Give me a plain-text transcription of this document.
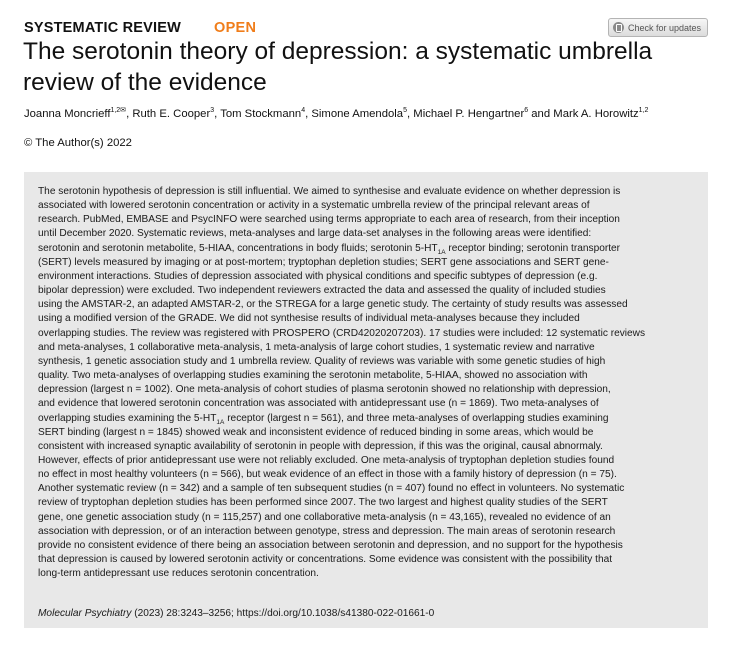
SYSTEMATIC REVIEW OPEN	Check for updates
The serotonin theory of depression: a systematic umbrella review of the evidence
Joanna Moncrieff$^{1,2✉}$, Ruth E. Cooper$^3$, Tom Stockmann$^4$, Simone Amendola$^5$, Michael P. Hengartner$^6$ and Mark A. Horowitz$^{1,2}$
© The Author(s) 2022

The serotonin hypothesis of depression is still influential. We aimed to synthesise and evaluate evidence on whether depression is
associated with lowered serotonin concentration or activity in a systematic umbrella review of the principal relevant areas of
research. PubMed, EMBASE and PsycINFO were searched using terms appropriate to each area of research, from their inception
until December 2020. Systematic reviews, meta-analyses and large data-set analyses in the following areas were identified:
serotonin and serotonin metabolite, 5-HIAA, concentrations in body fluids; serotonin $5-HT_{1A}$ receptor binding; serotonin transporter
(SERT) levels measured by imaging or at post-mortem; tryptophan depletion studies; SERT gene associations and SERT gene-
environment interactions. Studies of depression associated with physical conditions and specific subtypes of depression (e.g.
bipolar depression) were excluded. Two independent reviewers extracted the data and assessed the quality of included studies
using the AMSTAR-2, an adapted AMSTAR-2, or the STREGA for a large genetic study. The certainty of study results was assessed
using a modified version of the GRADE. We did not synthesise results of individual meta-analyses because they included
overlapping studies. The review was registered with PROSPERO (CRD42020207203). 17 studies were included: 12 systematic reviews
and meta-analyses, 1 collaborative meta-analysis, 1 meta-analysis of large cohort studies, 1 systematic review and narrative
synthesis, 1 genetic association study and 1 umbrella review. Quality of reviews was variable with some genetic studies of high
quality. Two meta-analyses of overlapping studies examining the serotonin metabolite, 5-HIAA, showed no association with
depression (largest n = 1002). One meta-analysis of cohort studies of plasma serotonin showed no relationship with depression,
and evidence that lowered serotonin concentration was associated with antidepressant use (n = 1869). Two meta-analyses of
overlapping studies examining the $5-HT_{1A}$ receptor (largest n = 561), and three meta-analyses of overlapping studies examining
SERT binding (largest n = 1845) showed weak and inconsistent evidence of reduced binding in some areas, which would be
consistent with increased synaptic availability of serotonin in people with depression, if this was the original, causal abnormaly.
However, effects of prior antidepressant use were not reliably excluded. One meta-analysis of tryptophan depletion studies found
no effect in most healthy volunteers (n = 566), but weak evidence of an effect in those with a family history of depression (n = 75).
Another systematic review (n = 342) and a sample of ten subsequent studies (n = 407) found no effect in volunteers. No systematic
review of tryptophan depletion studies has been performed since 2007. The two largest and highest quality studies of the SERT
gene, one genetic association study (n = 115,257) and one collaborative meta-analysis (n = 43,165), revealed no evidence of an
association with depression, or of an interaction between genotype, stress and depression. The main areas of serotonin research
provide no consistent evidence of there being an association between serotonin and depression, and no support for the hypothesis
that depression is caused by lowered serotonin activity or concentrations. Some evidence was consistent with the possibility that
long-term antidepressant use reduces serotonin concentration.

Molecular Psychiatry (2023) 28:3243–3256; https://doi.org/10.1038/s41380-022-01661-0
